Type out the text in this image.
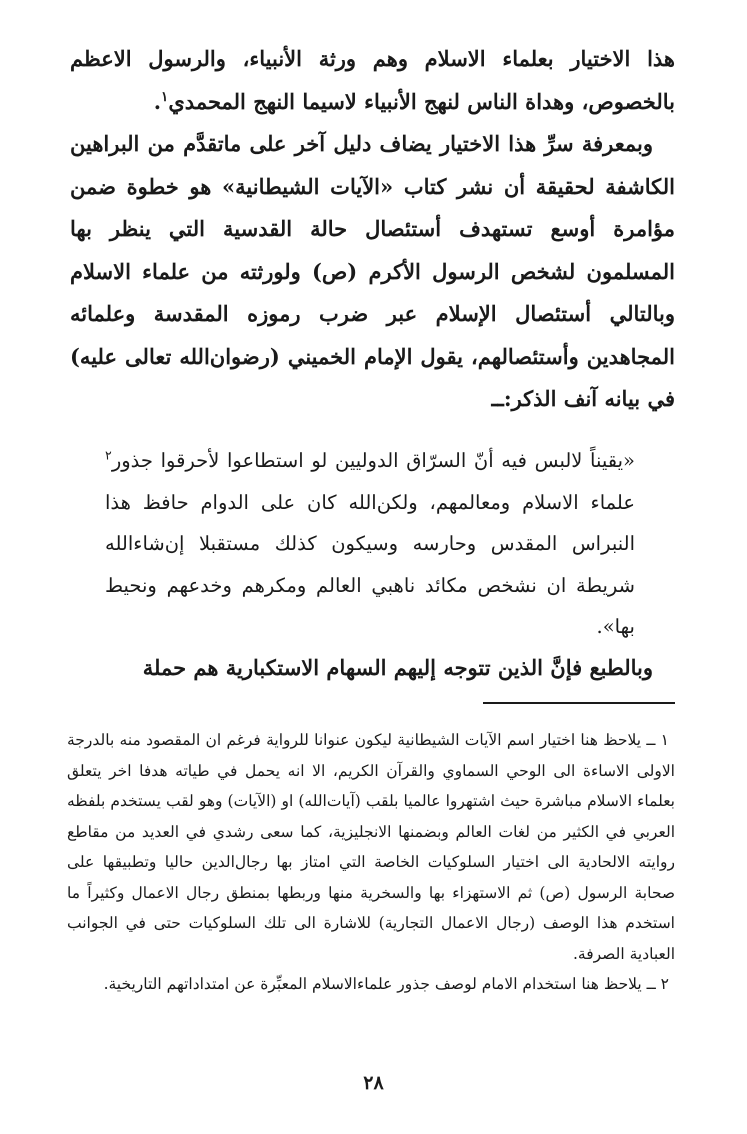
هذا الاختيار بعلماء الاسلام وهم ورثة الأنبياء، والرسول الاعظم بالخصوص، وهداة الناس لنهج الأنبياء لاسيما النهج المحمدي$^١$.

وبمعرفة سرِّ هذا الاختيار يضاف دليل آخر على ماتقدَّم من البراهين الكاشفة لحقيقة أن نشر كتاب «الآيات الشيطانية» هو خطوة ضمن مؤامرة أوسع تستهدف أستئصال حالة القدسية التي ينظر بها المسلمون لشخص الرسول الأكرم (ص) ولورثته من علماء الاسلام وبالتالي أستئصال الإسلام عبر ضرب رموزه المقدسة وعلمائه المجاهدين وأستئصالهم، يقول الإمام الخميني (رضوان‌الله تعالى عليه) في بيانه آنف الذكر:ــ

«يقيناً لالبس فيه أنّ السرّاق الدوليين لو استطاعوا لأحرقوا جذور$^٢$ علماء الاسلام ومعالمهم، ولكن‌الله كان على الدوام حافظ هذا النبراس المقدس وحارسه وسيكون كذلك مستقبلا إن‌شاءالله شريطة ان نشخص مكائد ناهبي العالم ومكرهم وخدعهم ونحيط بها».

وبالطبع فإنَّ الذين تتوجه إليهم السهام الاستكبارية هم حملة

١ ــ يلاحظ هنا اختيار اسم الآيات الشيطانية ليكون عنوانا للرواية فرغم ان المقصود منه بالدرجة الاولى الاساءة الى الوحي السماوي والقرآن الكريم، الا انه يحمل في طياته هدفا اخر يتعلق بعلماء الاسلام مباشرة حيث اشتهروا عالميا بلقب (آيات‌الله) او (الآيات) وهو لقب يستخدم بلفظه العربي في الكثير من لغات العالم وبضمنها الانجليزية، كما سعى رشدي في العديد من مقاطع روايته الالحادية الى اختيار السلوكيات الخاصة التي امتاز بها رجال‌الدين حاليا وتطبيقها على صحابة الرسول (ص) ثم الاستهزاء بها والسخرية منها وربطها بمنطق رجال الاعمال وكثيراً ما استخدم هذا الوصف (رجال الاعمال التجارية) للاشارة الى تلك السلوكيات حتى في الجوانب العبادية الصرفة.

٢ ــ يلاحظ هنا استخدام الامام لوصف جذور علماءالاسلام المعبِّرة عن امتداداتهم التاريخية.

٢٨
